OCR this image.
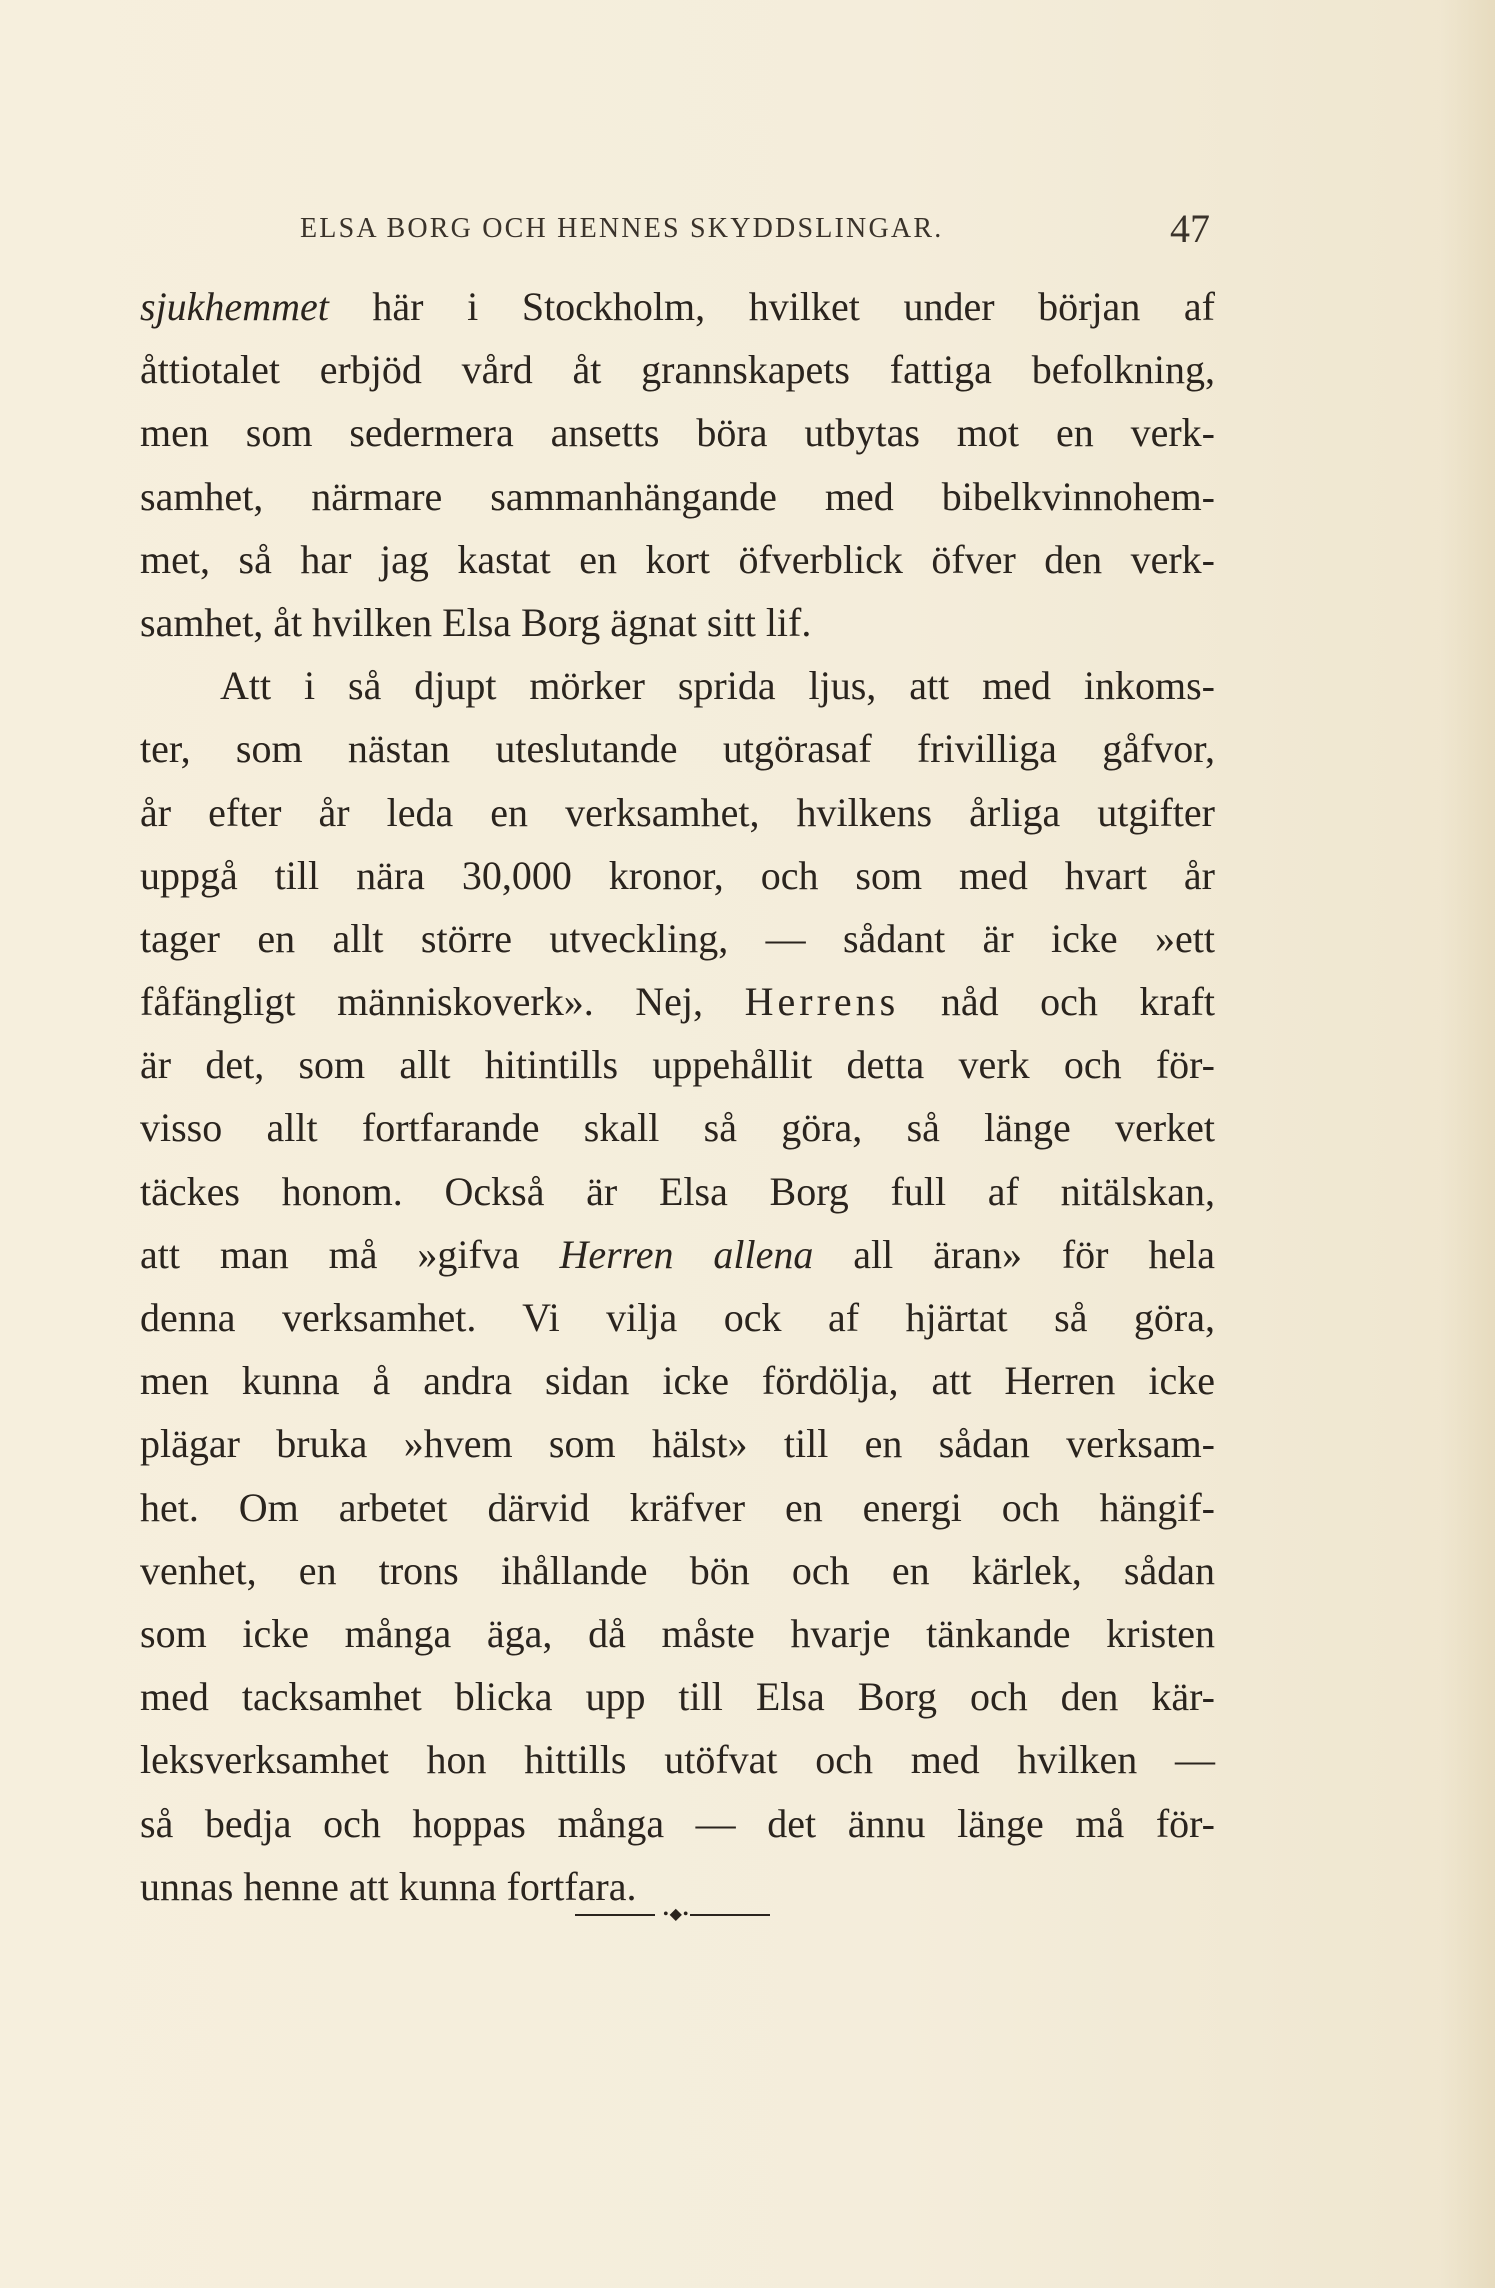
ELSA BORG OCH HENNES SKYDDSLINGAR.	47
sjukhemmet här i Stockholm, hvilket under början af
åttiotalet erbjöd vård åt grannskapets fattiga befolkning,
men som sedermera ansetts böra utbytas mot en verk-
samhet, närmare sammanhängande med bibelkvinnohem-
met, så har jag kastat en kort öfverblick öfver den verk-
samhet, åt hvilken Elsa Borg ägnat sitt lif.
Att i så djupt mörker sprida ljus, att med inkoms-
ter, som nästan uteslutande utgörasaf frivilliga gåfvor,
år efter år leda en verksamhet, hvilkens årliga utgifter
uppgå till nära 30,000 kronor, och som med hvart år
tager en allt större utveckling, — sådant är icke »ett
fåfängligt människoverk». Nej, Herrens nåd och kraft
är det, som allt hitintills uppehållit detta verk och för-
visso allt fortfarande skall så göra, så länge verket
täckes honom. Också är Elsa Borg full af nitälskan,
att man må »gifva Herren allena all äran» för hela
denna verksamhet. Vi vilja ock af hjärtat så göra,
men kunna å andra sidan icke fördölja, att Herren icke
plägar bruka »hvem som hälst» till en sådan verksam-
het. Om arbetet därvid kräfver en energi och hängif-
venhet, en trons ihållande bön och en kärlek, sådan
som icke många äga, då måste hvarje tänkande kristen
med tacksamhet blicka upp till Elsa Borg och den kär-
leksverksamhet hon hittills utöfvat och med hvilken —
så bedja och hoppas många — det ännu länge må för-
unnas henne att kunna fortfara.
•◆•
